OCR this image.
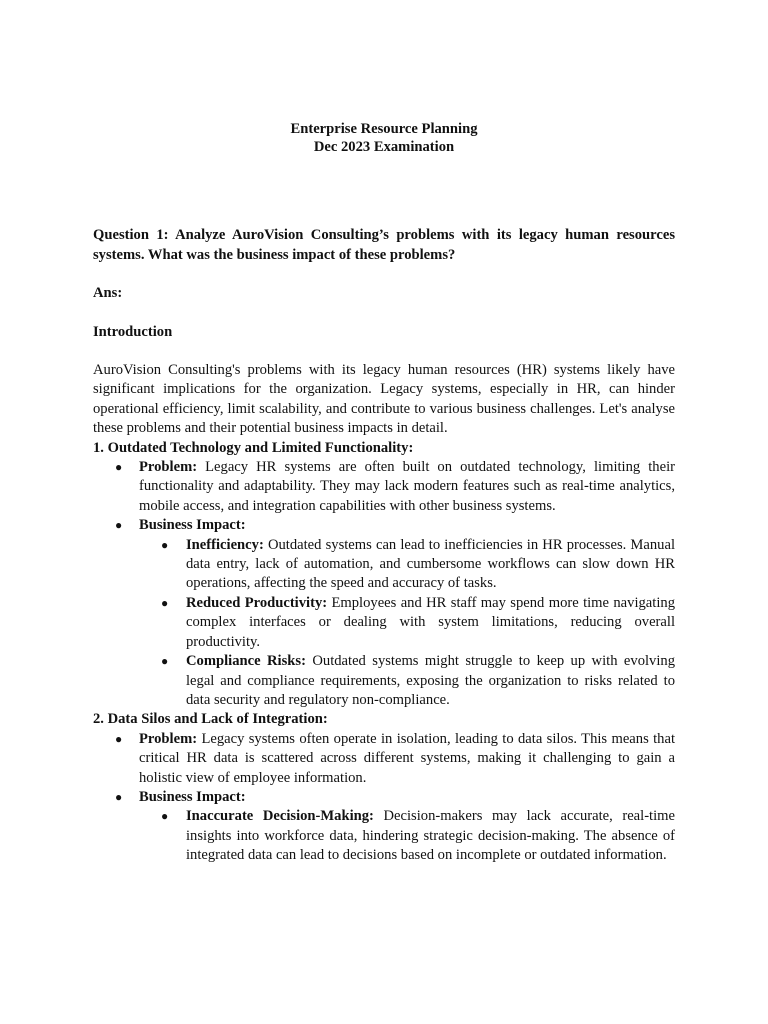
Enterprise Resource Planning
Dec 2023 Examination
Question 1: Analyze AuroVision Consulting’s problems with its legacy human resources systems. What was the business impact of these problems?
Ans:
Introduction

AuroVision Consulting's problems with its legacy human resources (HR) systems likely have significant implications for the organization. Legacy systems, especially in HR, can hinder operational efficiency, limit scalability, and contribute to various business challenges. Let's analyse these problems and their potential business impacts in detail.

1. Outdated Technology and Limited Functionality:

● Problem: Legacy HR systems are often built on outdated technology, limiting their functionality and adaptability. They may lack modern features such as real-time analytics, mobile access, and integration capabilities with other business systems.
● Business Impact:
● Inefficiency: Outdated systems can lead to inefficiencies in HR processes. Manual data entry, lack of automation, and cumbersome workflows can slow down HR operations, affecting the speed and accuracy of tasks.
● Reduced Productivity: Employees and HR staff may spend more time navigating complex interfaces or dealing with system limitations, reducing overall productivity.
● Compliance Risks: Outdated systems might struggle to keep up with evolving legal and compliance requirements, exposing the organization to risks related to data security and regulatory non-compliance.

2. Data Silos and Lack of Integration:

● Problem: Legacy systems often operate in isolation, leading to data silos. This means that critical HR data is scattered across different systems, making it challenging to gain a holistic view of employee information.
● Business Impact:
● Inaccurate Decision-Making: Decision-makers may lack accurate, real-time insights into workforce data, hindering strategic decision-making. The absence of integrated data can lead to decisions based on incomplete or outdated information.
